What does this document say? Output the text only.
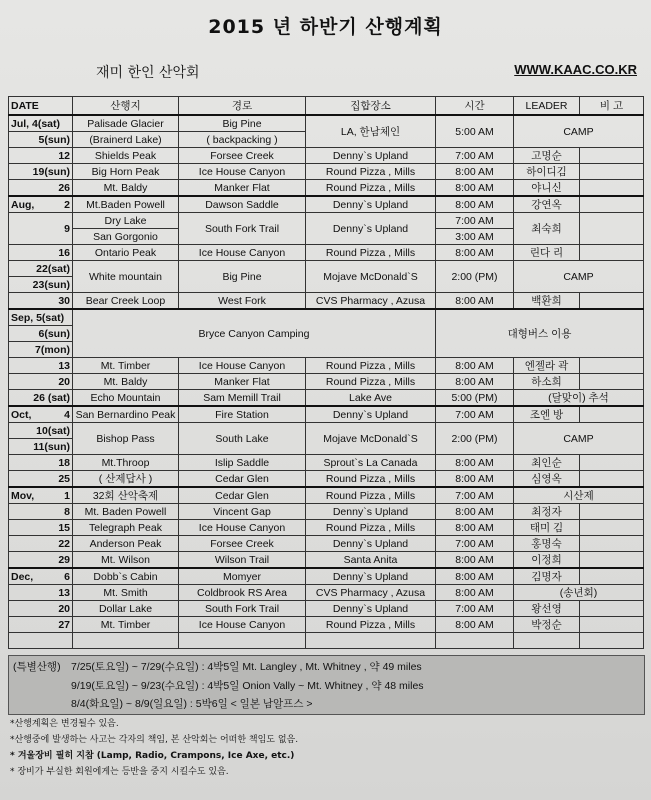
2015 년 하반기 산행계획
재미 한인 산악회	WWW.KAAC.CO.KR
DATE	산행지	경로	집합장소	시간	LEADER	비 고
Jul, 4(sat)	Palisade Glacier	Big Pine	LA, 한남체인	5:00 AM	CAMP	
5(sun)	(Brainerd Lake)	( backpacking )				
12	Shields Peak	Forsee Creek	Denny`s Upland	7:00 AM	고명순	
19(sun)	Big Horn Peak	Ice House Canyon	Round Pizza , Mills	8:00 AM	하이디김	
26	Mt. Baldy	Manker Flat	Round Pizza , Mills	8:00 AM	야니신	
Aug, 2	Mt.Baden Powell	Dawson Saddle	Denny`s Upland	8:00 AM	강연옥	
9	Dry Lake	South Fork Trail	Denny`s Upland	7:00 AM	최숙희	
	San Gorgonio			3:00 AM		
16	Ontario Peak	Ice House Canyon	Round Pizza , Mills	8:00 AM	린다 리	
22(sat)	White mountain	Big Pine	Mojave McDonald`S	2:00 (PM)	CAMP	
23(sun)						
30	Bear Creek Loop	West Fork	CVS Pharmacy , Azusa	8:00 AM	백환희	
Sep, 5(sat)	Bryce Canyon Camping			대형버스 이용		
6(sun)						
7(mon)						
13	Mt. Timber	Ice House Canyon	Round Pizza , Mills	8:00 AM	엔젤라 곽	
20	Mt. Baldy	Manker Flat	Round Pizza , Mills	8:00 AM	하소희	
26 (sat)	Echo Mountain	Sam Memill Trail	Lake Ave	5:00 (PM)	(달맞이) 추석	
Oct, 4	San Bernardino Peak	Fire Station	Denny`s Upland	7:00 AM	조엔 방	
10(sat)	Bishop Pass	South Lake	Mojave McDonald`S	2:00 (PM)	CAMP	
11(sun)						
18	Mt.Throop	Islip Saddle	Sprout`s La Canada	8:00 AM	최인순	
25	( 산제답사 )	Cedar Glen	Round Pizza , Mills	8:00 AM	심영옥	
Mov, 1	32회 산악축제	Cedar Glen	Round Pizza , Mills	7:00 AM	시산제	
8	Mt. Baden Powell	Vincent Gap	Denny`s Upland	8:00 AM	최정자	
15	Telegraph Peak	Ice House Canyon	Round Pizza , Mills	8:00 AM	태미 김	
22	Anderson Peak	Forsee Creek	Denny`s Upland	7:00 AM	홍명숙	
29	Mt. Wilson	Wilson Trail	Santa Anita	8:00 AM	이정희	
Dec, 6	Dobb`s Cabin	Momyer	Denny`s Upland	8:00 AM	김명자	
13	Mt. Smith	Coldbrook RS Area	CVS Pharmacy , Azusa	8:00 AM	(송년회)	
20	Dollar Lake	South Fork Trail	Denny`s Upland	7:00 AM	왕선영	
27	Mt. Timber	Ice House Canyon	Round Pizza , Mills	8:00 AM	박정순	

(특별산행) 7/25(토요일) ~ 7/29(수요일) : 4박5일 Mt. Langley , Mt. Whitney , 약 49 miles
9/19(토요일) ~ 9/23(수요일) : 4박5일 Onion Vally ~ Mt. Whitney , 약 48 miles
8/4(화요일) ~ 8/9(일요일) : 5박6일 < 일본 남알프스 >
*산행계획은 변경될수 있음.
*산행중에 발생하는 사고는 각자의 책임, 본 산악회는 어떠한 책임도 없음.
* 겨울장비 필히 지참 (Lamp, Radio, Crampons, Ice Axe, etc.)
* 장비가 부실한 회원에게는 등반을 중지 시킬수도 있음.
